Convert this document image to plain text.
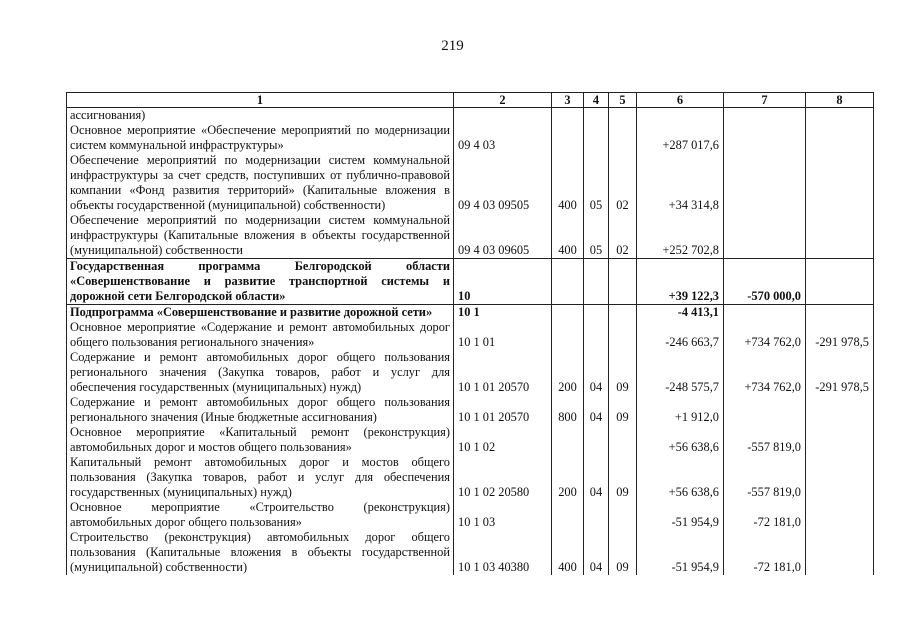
219
1	2	3	4	5	6	7	8
ассигнования)							
Основное мероприятие «Обеспечение мероприятий по модернизации систем коммунальной инфраструктуры»	09 4 03				+287 017,6		
Обеспечение мероприятий по модернизации систем коммунальной инфраструктуры за счет средств, поступивших от публично-правовой компании «Фонд развития территорий» (Капитальные вложения в объекты государственной (муниципальной) собственности)	09 4 03 09505	400	05	02	+34 314,8		
Обеспечение мероприятий по модернизации систем коммунальной инфраструктуры (Капитальные вложения в объекты государственной (муниципальной) собственности	09 4 03 09605	400	05	02	+252 702,8		
Государственная программа Белгородской области «Совершенствование и развитие транспортной системы и дорожной сети Белгородской области»	10				+39 122,3	-570 000,0	
Подпрограмма «Совершенствование и развитие дорожной сети»	10 1				-4 413,1		
Основное мероприятие «Содержание и ремонт автомобильных дорог общего пользования регионального значения»	10 1 01				-246 663,7	+734 762,0	-291 978,5
Содержание и ремонт автомобильных дорог общего пользования регионального значения (Закупка товаров, работ и услуг для обеспечения государственных (муниципальных) нужд)	10 1 01 20570	200	04	09	-248 575,7	+734 762,0	-291 978,5
Содержание и ремонт автомобильных дорог общего пользования регионального значения (Иные бюджетные ассигнования)	10 1 01 20570	800	04	09	+1 912,0		
Основное мероприятие «Капитальный ремонт (реконструкция) автомобильных дорог и мостов общего пользования»	10 1 02				+56 638,6	-557 819,0	
Капитальный ремонт автомобильных дорог и мостов общего пользования (Закупка товаров, работ и услуг для обеспечения государственных (муниципальных) нужд)	10 1 02 20580	200	04	09	+56 638,6	-557 819,0	
Основное мероприятие «Строительство (реконструкция) автомобильных дорог общего пользования»	10 1 03				-51 954,9	-72 181,0	
Строительство (реконструкция) автомобильных дорог общего пользования (Капитальные вложения в объекты государственной (муниципальной) собственности)	10 1 03 40380	400	04	09	-51 954,9	-72 181,0	
